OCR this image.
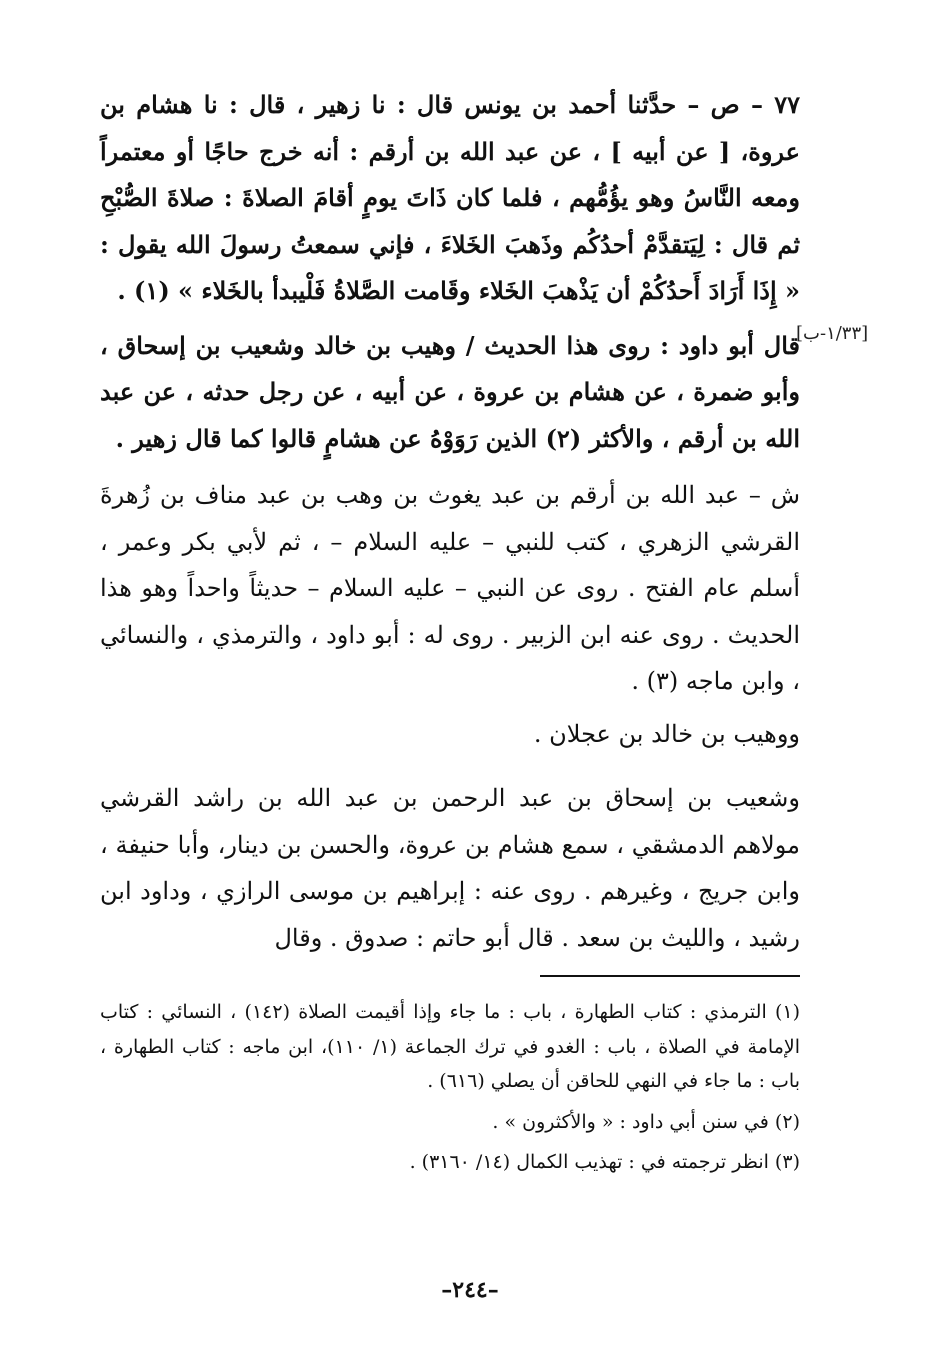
[١/٣٣-ب]

٧٧ – ص – حدَّثنا أحمد بن يونس قال : نا زهير ، قال : نا هشام بن عروة، [ عن أبيه ] ، عن عبد الله بن أرقم : أنه خرج حاجًا أو معتمراً ومعه النَّاسُ وهو يؤُمُّهم ، فلما كان ذَاتَ يومٍ أقامَ الصلاةَ : صلاةَ الصُّبْحِ ثم قال : لِيَتقدَّمْ أحدُكُم وذَهبَ الخَلاءَ ، فإني سمعتُ رسولَ الله يقول : « إِذَا أَرَادَ أَحدُكُمْ أن يَذْهبَ الخَلاء وقَامت الصَّلاةُ فَلْيبدأ بالخَلاء » (١) .

قال أبو داود : روى هذا الحديث / وهيب بن خالد وشعيب بن إسحاق ، وأبو ضمرة ، عن هشام بن عروة ، عن أبيه ، عن رجل حدثه ، عن عبد الله بن أرقم ، والأكثر (٢) الذين رَوَوْهُ عن هشامٍ قالوا كما قال زهير .

ش – عبد الله بن أرقم بن عبد يغوث بن وهب بن عبد مناف بن زُهرةَ القرشي الزهري ، كتب للنبي – عليه السلام – ، ثم لأبي بكر وعمر ، أسلم عام الفتح . روى عن النبي – عليه السلام – حديثاً واحداً وهو هذا الحديث . روى عنه ابن الزبير . روى له : أبو داود ، والترمذي ، والنسائي ، وابن ماجه (٣) .

ووهيب بن خالد بن عجلان .

وشعيب بن إسحاق بن عبد الرحمن بن عبد الله بن راشد القرشي مولاهم الدمشقي ، سمع هشام بن عروة، والحسن بن دينار، وأبا حنيفة ، وابن جريج ، وغيرهم . روى عنه : إبراهيم بن موسى الرازي ، وداود ابن رشيد ، والليث بن سعد . قال أبو حاتم : صدوق . وقال

(١) الترمذي : كتاب الطهارة ، باب : ما جاء وإذا أقيمت الصلاة (١٤٢) ، النسائي : كتاب الإمامة في الصلاة ، باب : الغدو في ترك الجماعة (١/ ١١٠)، ابن ماجه : كتاب الطهارة ، باب : ما جاء في النهي للحاقن أن يصلي (٦١٦) .

(٢) في سنن أبي داود : « والأكثرون » .

(٣) انظر ترجمته في : تهذيب الكمال (١٤/ ٣١٦٠) .

–٢٤٤–
